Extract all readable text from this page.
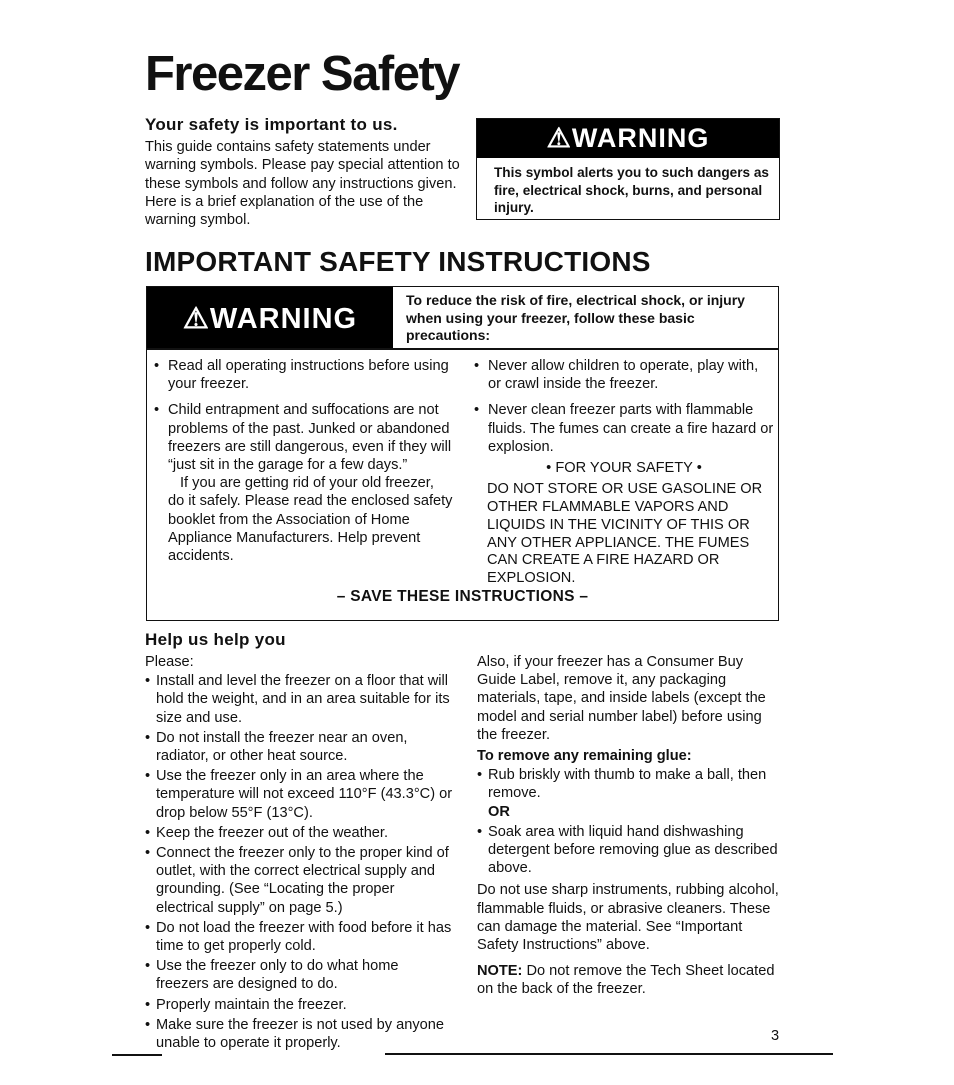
Freezer Safety
Your safety is important to us.
This guide contains safety statements under warning symbols. Please pay special attention to these symbols and follow any instructions given. Here is a brief explanation of the use of the warning symbol.
⚠WARNING
This symbol alerts you to such dangers as fire, electrical shock, burns, and personal injury.
IMPORTANT SAFETY INSTRUCTIONS
⚠WARNING
To reduce the risk of fire, electrical shock, or injury when using your freezer, follow these basic precautions:
• Read all operating instructions before using your freezer.
• Child entrapment and suffocations are not problems of the past. Junked or abandoned freezers are still dangerous, even if they will “just sit in the garage for a few days.”

If you are getting rid of your old freezer, do it safely. Please read the enclosed safety booklet from the Association of Home Appliance Manufacturers. Help prevent accidents.

• Never allow children to operate, play with, or crawl inside the freezer.
• Never clean freezer parts with flammable fluids. The fumes can create a fire hazard or explosion.

• FOR YOUR SAFETY •

DO NOT STORE OR USE GASOLINE OR OTHER FLAMMABLE VAPORS AND LIQUIDS IN THE VICINITY OF THIS OR ANY OTHER APPLIANCE. THE FUMES CAN CREATE A FIRE HAZARD OR EXPLOSION.

– SAVE THESE INSTRUCTIONS –
Help us help you

Please:

• Install and level the freezer on a floor that will hold the weight, and in an area suitable for its size and use.
• Do not install the freezer near an oven, radiator, or other heat source.
• Use the freezer only in an area where the temperature will not exceed 110°F (43.3°C) or drop below 55°F (13°C).
• Keep the freezer out of the weather.
• Connect the freezer only to the proper kind of outlet, with the correct electrical supply and grounding. (See “Locating the proper electrical supply” on page 5.)
• Do not load the freezer with food before it has time to get properly cold.
• Use the freezer only to do what home freezers are designed to do.
• Properly maintain the freezer.
• Make sure the freezer is not used by anyone unable to operate it properly.

Also, if your freezer has a Consumer Buy Guide Label, remove it, any packaging materials, tape, and inside labels (except the model and serial number label) before using the freezer.

To remove any remaining glue:

• Rub briskly with thumb to make a ball, then remove.

OR

• Soak area with liquid hand dishwashing detergent before removing glue as described above.

Do not use sharp instruments, rubbing alcohol, flammable fluids, or abrasive cleaners. These can damage the material. See “Important Safety Instructions” above.

NOTE: Do not remove the Tech Sheet located on the back of the freezer.

3
